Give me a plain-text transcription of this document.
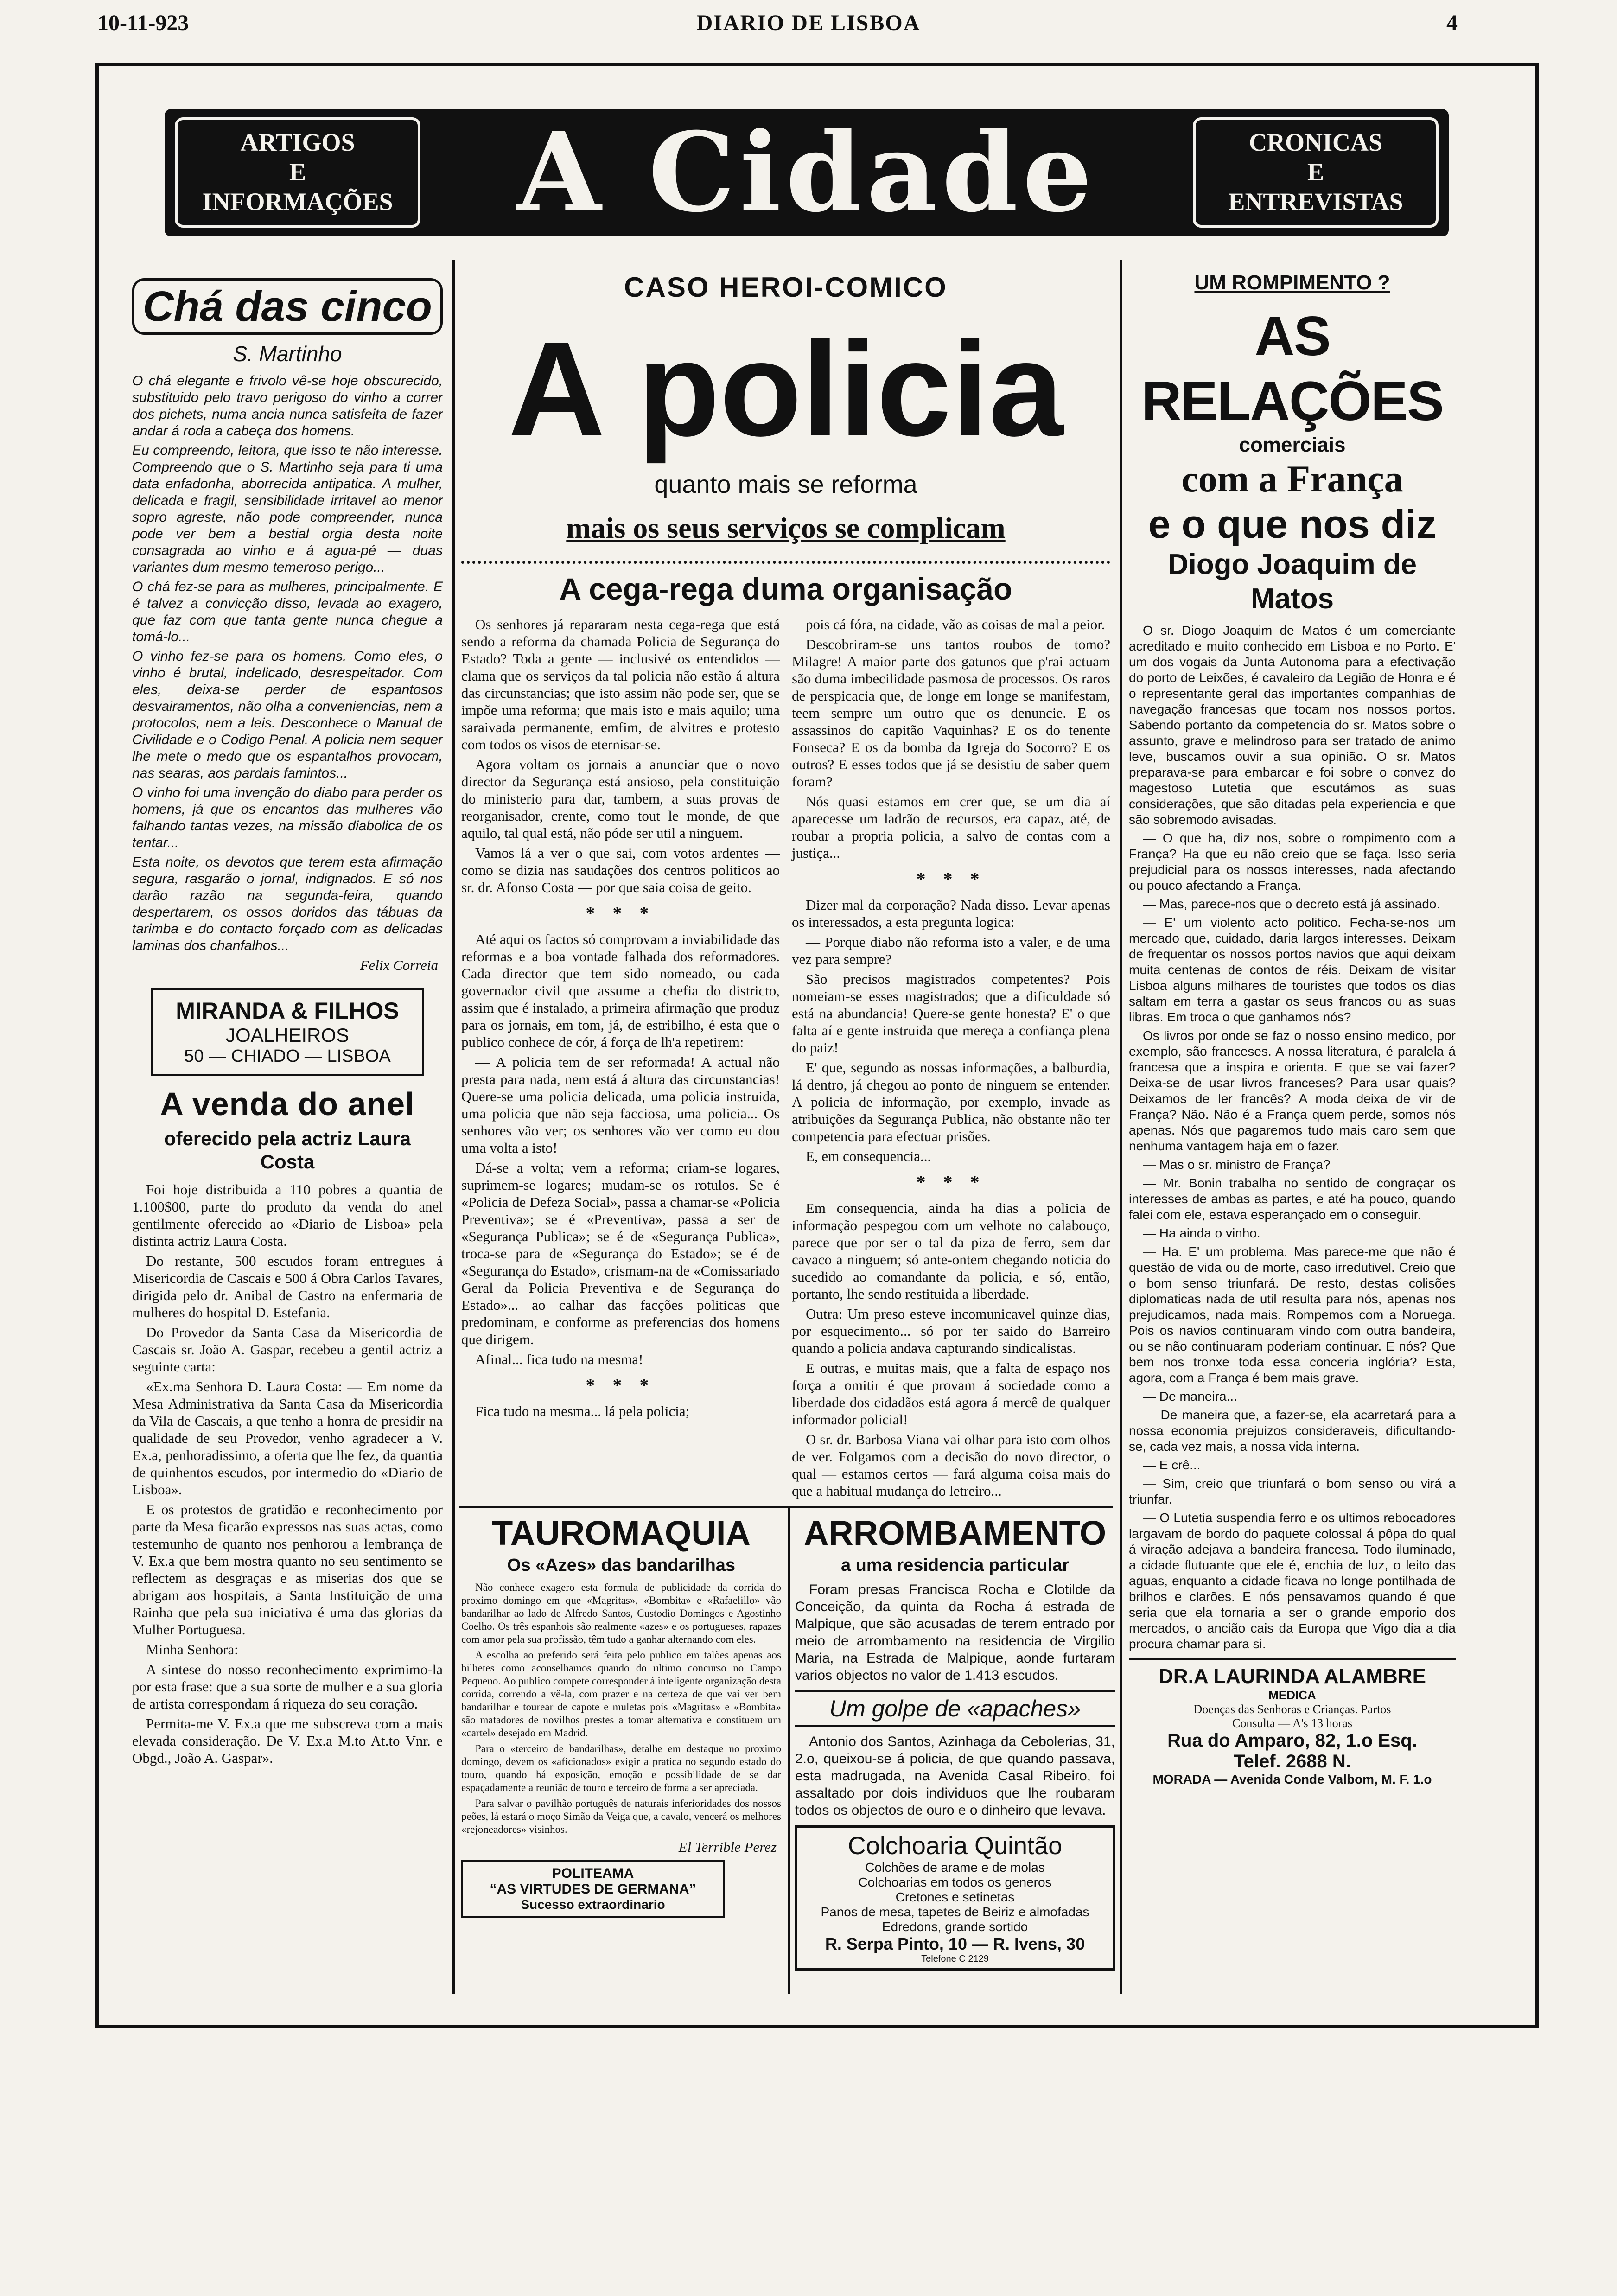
10-11-923	DIARIO DE LISBOA	4
ARTIGOS
E
INFORMAÇÕES	A Cidade	CRONICAS
E
ENTREVISTAS
Chá das cinco
S. Martinho

O chá elegante e frivolo vê-se hoje obscurecido, substituido pelo travo perigoso do vinho a correr dos pichets, numa ancia nunca satisfeita de fazer andar á roda a cabeça dos homens.

Eu compreendo, leitora, que isso te não interesse. Compreendo que o S. Martinho seja para ti uma data enfadonha, aborrecida antipatica. A mulher, delicada e fragil, sensibilidade irritavel ao menor sopro agreste, não pode compreender, nunca pode ver bem a bestial orgia desta noite consagrada ao vinho e á agua-pé — duas variantes dum mesmo temeroso perigo...

O chá fez-se para as mulheres, principalmente. E é talvez a convicção disso, levada ao exagero, que faz com que tanta gente nunca chegue a tomá-lo...

O vinho fez-se para os homens. Como eles, o vinho é brutal, indelicado, desrespeitador. Com eles, deixa-se perder de espantosos desvairamentos, não olha a conveniencias, nem a protocolos, nem a leis. Desconhece o Manual de Civilidade e o Codigo Penal. A policia nem sequer lhe mete o medo que os espantalhos provocam, nas searas, aos pardais famintos...

O vinho foi uma invenção do diabo para perder os homens, já que os encantos das mulheres vão falhando tantas vezes, na missão diabolica de os tentar...

Esta noite, os devotos que terem esta afirmação segura, rasgarão o jornal, indignados. E só nos darão razão na segunda-feira, quando despertarem, os ossos doridos das tábuas da tarimba e do contacto forçado com as delicadas laminas dos chanfalhos...

Felix Correia
MIRANDA & FILHOS
JOALHEIROS
50 — CHIADO — LISBOA
A venda do anel
oferecido pela actriz Laura Costa

Foi hoje distribuida a 110 pobres a quantia de 1.100$00, parte do produto da venda do anel gentilmente oferecido ao «Diario de Lisboa» pela distinta actriz Laura Costa.

Do restante, 500 escudos foram entregues á Misericordia de Cascais e 500 á Obra Carlos Tavares, dirigida pelo dr. Anibal de Castro na enfermaria de mulheres do hospital D. Estefania.

Do Provedor da Santa Casa da Misericordia de Cascais sr. João A. Gaspar, recebeu a gentil actriz a seguinte carta:

«Ex.ma Senhora D. Laura Costa: — Em nome da Mesa Administrativa da Santa Casa da Misericordia da Vila de Cascais, a que tenho a honra de presidir na qualidade de seu Provedor, venho agradecer a V. Ex.a, penhoradissimo, a oferta que lhe fez, da quantia de quinhentos escudos, por intermedio do «Diario de Lisboa».

E os protestos de gratidão e reconhecimento por parte da Mesa ficarão expressos nas suas actas, como testemunho de quanto nos penhorou a lembrança de V. Ex.a que bem mostra quanto no seu sentimento se reflectem as desgraças e as miserias dos que se abrigam aos hospitais, a Santa Instituição de uma Rainha que pela sua iniciativa é uma das glorias da Mulher Portuguesa.

Minha Senhora:

A sintese do nosso reconhecimento exprimimo-la por esta frase: que a sua sorte de mulher e a sua gloria de artista correspondam á riqueza do seu coração.

Permita-me V. Ex.a que me subscreva com a mais elevada consideração. De V. Ex.a M.to At.to Vnr. e Obgd., João A. Gaspar».

CASO HEROI-COMICO
A policia
quanto mais se reforma
mais os seus serviços se complicam
A cega-rega duma organisação

Os senhores já repararam nesta cega-rega que está sendo a reforma da chamada Policia de Segurança do Estado? Toda a gente — inclusivé os entendidos — clama que os serviços da tal policia não estão á altura das circunstancias; que isto assim não pode ser, que se impõe uma reforma; que mais isto e mais aquilo; uma saraivada permanente, emfim, de alvitres e protesto com todos os visos de eternisar-se.

Agora voltam os jornais a anunciar que o novo director da Segurança está ansioso, pela constituição do ministerio para dar, tambem, a suas provas de reorganisador, crente, como tout le monde, de que aquilo, tal qual está, não póde ser util a ninguem.

Vamos lá a ver o que sai, com votos ardentes — como se dizia nas saudações dos centros politicos ao sr. dr. Afonso Costa — por que saia coisa de geito.

* * *

Até aqui os factos só comprovam a inviabilidade das reformas e a boa vontade falhada dos reformadores. Cada director que tem sido nomeado, ou cada governador civil que assume a chefia do districto, assim que é instalado, a primeira afirmação que produz para os jornais, em tom, já, de estribilho, é esta que o publico conhece de cór, á força de lh'a repetirem:

— A policia tem de ser reformada! A actual não presta para nada, nem está á altura das circunstancias! Quere-se uma policia delicada, uma policia instruida, uma policia que não seja facciosa, uma policia... Os senhores vão ver; os senhores vão ver como eu dou uma volta a isto!

Dá-se a volta; vem a reforma; criam-se logares, suprimem-se logares; mudam-se os rotulos. Se é «Policia de Defeza Social», passa a chamar-se «Policia Preventiva»; se é «Preventiva», passa a ser de «Segurança Publica»; se é de «Segurança Publica», troca-se para de «Segurança do Estado»; se é de «Segurança do Estado», crismam-na de «Comissariado Geral da Policia Preventiva e de Segurança do Estado»... ao calhar das facções politicas que predominam, e conforme as preferencias dos homens que dirigem.

Afinal... fica tudo na mesma!

* * *

Fica tudo na mesma... lá pela policia;

pois cá fóra, na cidade, vão as coisas de mal a peior.

Descobriram-se uns tantos roubos de tomo? Milagre! A maior parte dos gatunos que p'rai actuam são duma imbecilidade pasmosa de processos. Os raros de perspicacia que, de longe em longe se manifestam, teem sempre um outro que os denuncie. E os assassinos do capitão Vaquinhas? E os do tenente Fonseca? E os da bomba da Igreja do Socorro? E os outros? E esses todos que já se desistiu de saber quem foram?

Nós quasi estamos em crer que, se um dia aí aparecesse um ladrão de recursos, era capaz, até, de roubar a propria policia, a salvo de contas com a justiça...

* * *

Dizer mal da corporação? Nada disso. Levar apenas os interessados, a esta pregunta logica:

— Porque diabo não reforma isto a valer, e de uma vez para sempre?

São precisos magistrados competentes? Pois nomeiam-se esses magistrados; que a dificuldade só está na abundancia! Quere-se gente honesta? E' o que falta aí e gente instruida que mereça a confiança plena do paiz!

E' que, segundo as nossas informações, a balburdia, lá dentro, já chegou ao ponto de ninguem se entender. A policia de informação, por exemplo, invade as atribuições da Segurança Publica, não obstante não ter competencia para efectuar prisões.

E, em consequencia...

* * *

Em consequencia, ainda ha dias a policia de informação pespegou com um velhote no calabouço, parece que por ser o tal da piza de ferro, sem dar cavaco a ninguem; só ante-ontem chegando noticia do sucedido ao comandante da policia, e só, então, portanto, lhe sendo restituida a liberdade.

Outra: Um preso esteve incomunicavel quinze dias, por esquecimento... só por ter saido do Barreiro quando a policia andava capturando sindicalistas.

E outras, e muitas mais, que a falta de espaço nos força a omitir é que provam á sociedade como a liberdade dos cidadãos está agora á mercê de qualquer informador policial!

O sr. dr. Barbosa Viana vai olhar para isto com olhos de ver. Folgamos com a decisão do novo director, o qual — estamos certos — fará alguma coisa mais do que a habitual mudança do letreiro...

TAUROMAQUIA
Os «Azes» das bandarilhas

Não conhece exagero esta formula de publicidade da corrida do proximo domingo em que «Magritas», «Bombita» e «Rafaelillo» vão bandarilhar ao lado de Alfredo Santos, Custodio Domingos e Agostinho Coelho. Os três espanhois são realmente «azes» e os portugueses, rapazes com amor pela sua profissão, têm tudo a ganhar alternando com eles.

A escolha ao preferido será feita pelo publico em talões apenas aos bilhetes como aconselhamos quando do ultimo concurso no Campo Pequeno. Ao publico compete corresponder á inteligente organização desta corrida, correndo a vê-la, com prazer e na certeza de que vai ver bem bandarilhar e tourear de capote e muletas pois «Magritas» e «Bombita» são matadores de novilhos prestes a tomar alternativa e constituem um «cartel» desejado em Madrid.

Para o «terceiro de bandarilhas», detalhe em destaque no proximo domingo, devem os «aficionados» exigir a pratica no segundo estado do touro, quando há exposição, emoção e possibilidade de se dar espaçadamente a reunião de touro e terceiro de forma a ser apreciada.

Para salvar o pavilhão português de naturais inferioridades dos nossos peões, lá estará o moço Simão da Veiga que, a cavalo, vencerá os melhores «rejoneadores» visinhos.

El Terrible Perez
POLITEAMA
“AS VIRTUDES DE GERMANA”
Sucesso extraordinario
ARROMBAMENTO
a uma residencia particular

Foram presas Francisca Rocha e Clotilde da Conceição, da quinta da Rocha á estrada de Malpique, que são acusadas de terem entrado por meio de arrombamento na residencia de Virgilio Maria, na Estrada de Malpique, aonde furtaram varios objectos no valor de 1.413 escudos.

Um golpe de «apaches»

Antonio dos Santos, Azinhaga da Cebolerias, 31, 2.o, queixou-se á policia, de que quando passava, esta madrugada, na Avenida Casal Ribeiro, foi assaltado por dois individuos que lhe roubaram todos os objectos de ouro e o dinheiro que levava.

Colchoaria Quintão
Colchões de arame e de molas
Colchoarias em todos os generos
Cretones e setinetas
Panos de mesa, tapetes de Beiriz e almofadas
Edredons, grande sortido
R. Serpa Pinto, 10 — R. Ivens, 30
Telefone C 2129
UM ROMPIMENTO ?
AS RELAÇÕES
comerciais
com a França
e o que nos diz
Diogo Joaquim de Matos

O sr. Diogo Joaquim de Matos é um comerciante acreditado e muito conhecido em Lisboa e no Porto. E' um dos vogais da Junta Autonoma para a efectivação do porto de Leixões, é cavaleiro da Legião de Honra e é o representante geral das importantes companhias de navegação francesas que tocam nos nossos portos. Sabendo portanto da competencia do sr. Matos sobre o assunto, grave e melindroso para ser tratado de animo leve, buscamos ouvir a sua opinião. O sr. Matos preparava-se para embarcar e foi sobre o convez do magestoso Lutetia que escutámos as suas considerações, que são ditadas pela experiencia e que são sobremodo avisadas.

— O que ha, diz nos, sobre o rompimento com a França? Ha que eu não creio que se faça. Isso seria prejudicial para os nossos interesses, nada afectando ou pouco afectando a França.

— Mas, parece-nos que o decreto está já assinado.

— E' um violento acto politico. Fecha-se-nos um mercado que, cuidado, daria largos interesses. Deixam de frequentar os nossos portos navios que aqui deixam muita centenas de contos de réis. Deixam de visitar Lisboa alguns milhares de touristes que todos os dias saltam em terra a gastar os seus francos ou as suas libras. Em troca o que ganhamos nós?

Os livros por onde se faz o nosso ensino medico, por exemplo, são franceses. A nossa literatura, é paralela á francesa que a inspira e orienta. E que se vai fazer? Deixa-se de usar livros franceses? Para usar quais? Deixamos de ler francês? A moda deixa de vir de França? Não. Não é a França quem perde, somos nós apenas. Nós que pagaremos tudo mais caro sem que nenhuma vantagem haja em o fazer.

— Mas o sr. ministro de França?

— Mr. Bonin trabalha no sentido de congraçar os interesses de ambas as partes, e até ha pouco, quando falei com ele, estava esperançado em o conseguir.

— Ha ainda o vinho.

— Ha. E' um problema. Mas parece-me que não é questão de vida ou de morte, caso irredutivel. Creio que o bom senso triunfará. De resto, destas colisões diplomaticas nada de util resulta para nós, apenas nos prejudicamos, nada mais. Rompemos com a Noruega. Pois os navios continuaram vindo com outra bandeira, ou se não continuaram poderiam continuar. E nós? Que bem nos tronxe toda essa conceria inglória? Esta, agora, com a França é bem mais grave.

— De maneira...

— De maneira que, a fazer-se, ela acarretará para a nossa economia prejuizos consideraveis, dificultando-se, cada vez mais, a nossa vida interna.

— E crê...

— Sim, creio que triunfará o bom senso ou virá a triunfar.

— O Lutetia suspendia ferro e os ultimos rebocadores largavam de bordo do paquete colossal á pôpa do qual á viração adejava a bandeira francesa. Todo iluminado, a cidade flutuante que ele é, enchia de luz, o leito das aguas, enquanto a cidade ficava no longe pontilhada de brilhos e clarões. E nós pensavamos quando é que seria que ela tornaria a ser o grande emporio dos mercados, o ancião cais da Europa que Vigo dia a dia procura chamar para si.

DR.A LAURINDA ALAMBRE
MEDICA
Doenças das Senhoras e Crianças. Partos
Consulta — A's 13 horas
Rua do Amparo, 82, 1.o Esq.
Telef. 2688 N.
MORADA — Avenida Conde Valbom, M. F. 1.o
